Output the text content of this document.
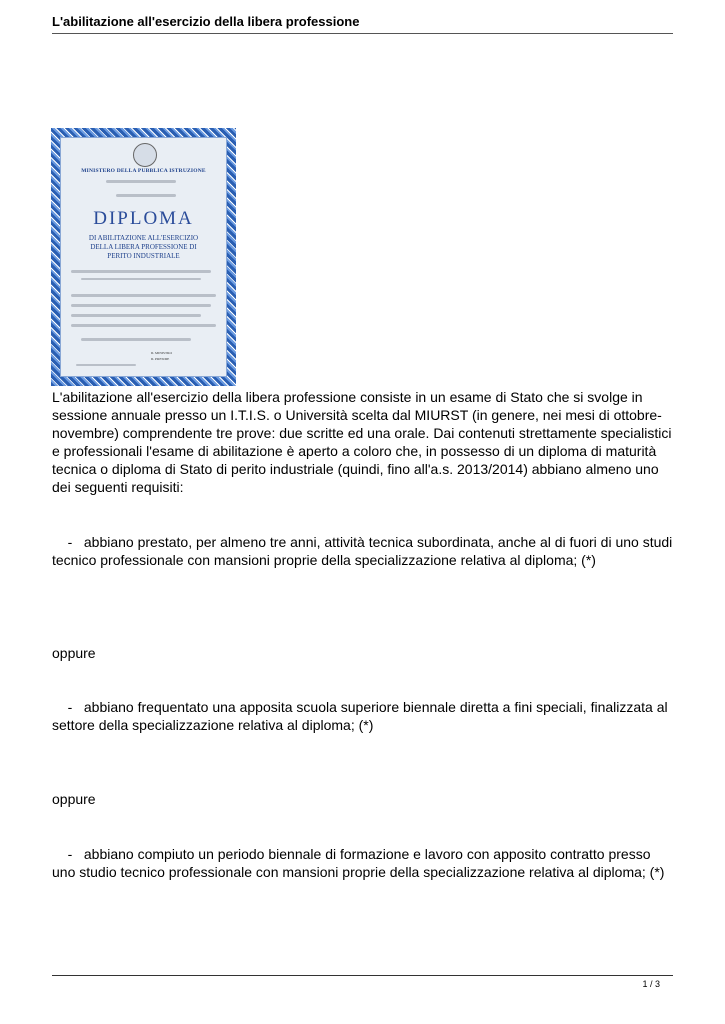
L'abilitazione all'esercizio della libera professione
MINISTERO DELLA PUBBLICA ISTRUZIONE
DIPLOMA
DI ABILITAZIONE ALL'ESERCIZIO
DELLA LIBERA PROFESSIONE DI
PERITO INDUSTRIALE
IL MINISTRO
IL PRESIDE
L'abilitazione all'esercizio della libera professione consiste in un esame di Stato che si svolge in sessione annuale presso un I.T.I.S. o Università scelta dal MIURST (in genere, nei mesi di ottobre-novembre) comprendente tre prove: due scritte ed una orale. Dai contenuti strettamente specialistici e professionali l'esame di abilitazione è aperto a coloro che, in possesso di un diploma di maturità tecnica o diploma di Stato di perito industriale (quindi, fino all'a.s. 2013/2014) abbiano almeno uno dei seguenti requisiti:
-   abbiano prestato, per almeno tre anni, attività tecnica subordinata, anche al di fuori di uno studi tecnico professionale con mansioni proprie della specializzazione relativa al diploma; (*)
oppure
-   abbiano frequentato una apposita scuola superiore biennale diretta a fini speciali, finalizzata al settore della specializzazione relativa al diploma; (*)
oppure
-   abbiano compiuto un periodo biennale di formazione e lavoro con apposito contratto presso uno studio tecnico professionale con mansioni proprie della specializzazione relativa al diploma; (*)
1 / 3
